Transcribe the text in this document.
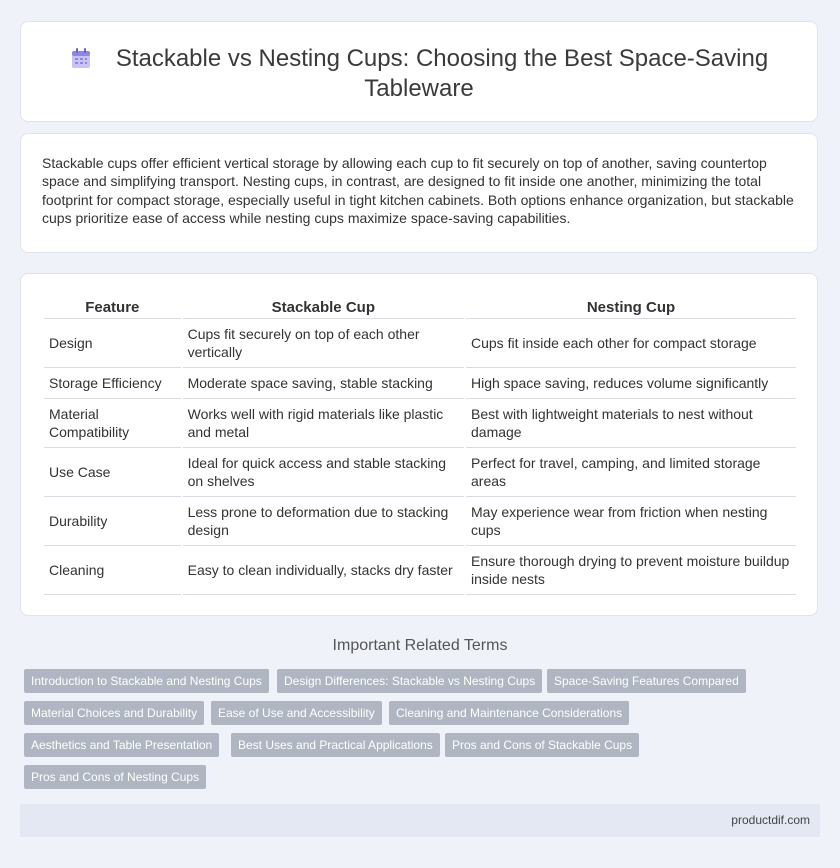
Stackable vs Nesting Cups: Choosing the Best Space-Saving Tableware

Stackable cups offer efficient vertical storage by allowing each cup to fit securely on top of another, saving countertop space and simplifying transport. Nesting cups, in contrast, are designed to fit inside one another, minimizing the total footprint for compact storage, especially useful in tight kitchen cabinets. Both options enhance organization, but stackable cups prioritize ease of access while nesting cups maximize space-saving capabilities.

Feature	Stackable Cup	Nesting Cup
Design	Cups fit securely on top of each other vertically	Cups fit inside each other for compact storage
Storage Efficiency	Moderate space saving, stable stacking	High space saving, reduces volume significantly
Material Compatibility	Works well with rigid materials like plastic and metal	Best with lightweight materials to nest without damage
Use Case	Ideal for quick access and stable stacking on shelves	Perfect for travel, camping, and limited storage areas
Durability	Less prone to deformation due to stacking design	May experience wear from friction when nesting cups
Cleaning	Easy to clean individually, stacks dry faster	Ensure thorough drying to prevent moisture buildup inside nests
Important Related Terms
Introduction to Stackable and Nesting Cups	Design Differences: Stackable vs Nesting Cups	Space-Saving Features Compared
Material Choices and Durability	Ease of Use and Accessibility	Cleaning and Maintenance Considerations
Aesthetics and Table Presentation	Best Uses and Practical Applications	Pros and Cons of Stackable Cups
Pros and Cons of Nesting Cups
productdif.com
